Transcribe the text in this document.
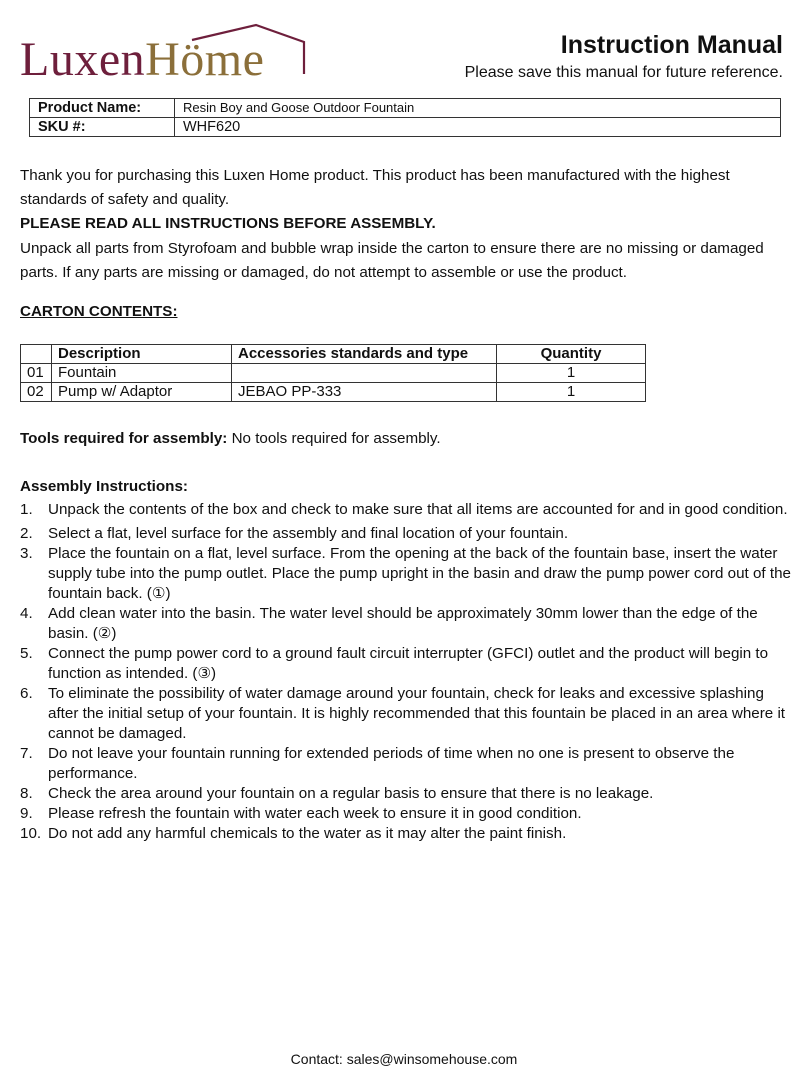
LuxenHöme	Instruction Manual
Please save this manual for future reference.
Product Name:	Resin Boy and Goose Outdoor Fountain
SKU #:	WHF620

Thank you for purchasing this Luxen Home product. This product has been manufactured with the highest standards of safety and quality.

PLEASE READ ALL INSTRUCTIONS BEFORE ASSEMBLY.

Unpack all parts from Styrofoam and bubble wrap inside the carton to ensure there are no missing or damaged parts. If any parts are missing or damaged, do not attempt to assemble or use the product.

CARTON CONTENTS:

	Description	Accessories standards and type	Quantity
01	Fountain		1
02	Pump w/ Adaptor	JEBAO PP-333	1

Tools required for assembly: No tools required for assembly.

Assembly Instructions:

1. Unpack the contents of the box and check to make sure that all items are accounted for and in good condition.
2. Select a flat, level surface for the assembly and final location of your fountain.
3. Place the fountain on a flat, level surface. From the opening at the back of the fountain base, insert the water supply tube into the pump outlet. Place the pump upright in the basin and draw the pump power cord out of the fountain back. (①)
4. Add clean water into the basin. The water level should be approximately 30mm lower than the edge of the basin. (②)
5. Connect the pump power cord to a ground fault circuit interrupter (GFCI) outlet and the product will begin to function as intended. (③)
6. To eliminate the possibility of water damage around your fountain, check for leaks and excessive splashing after the initial setup of your fountain. It is highly recommended that this fountain be placed in an area where it cannot be damaged.
7. Do not leave your fountain running for extended periods of time when no one is present to observe the performance.
8. Check the area around your fountain on a regular basis to ensure that there is no leakage.
9. Please refresh the fountain with water each week to ensure it in good condition.
10. Do not add any harmful chemicals to the water as it may alter the paint finish.
Contact: sales@winsomehouse.com
